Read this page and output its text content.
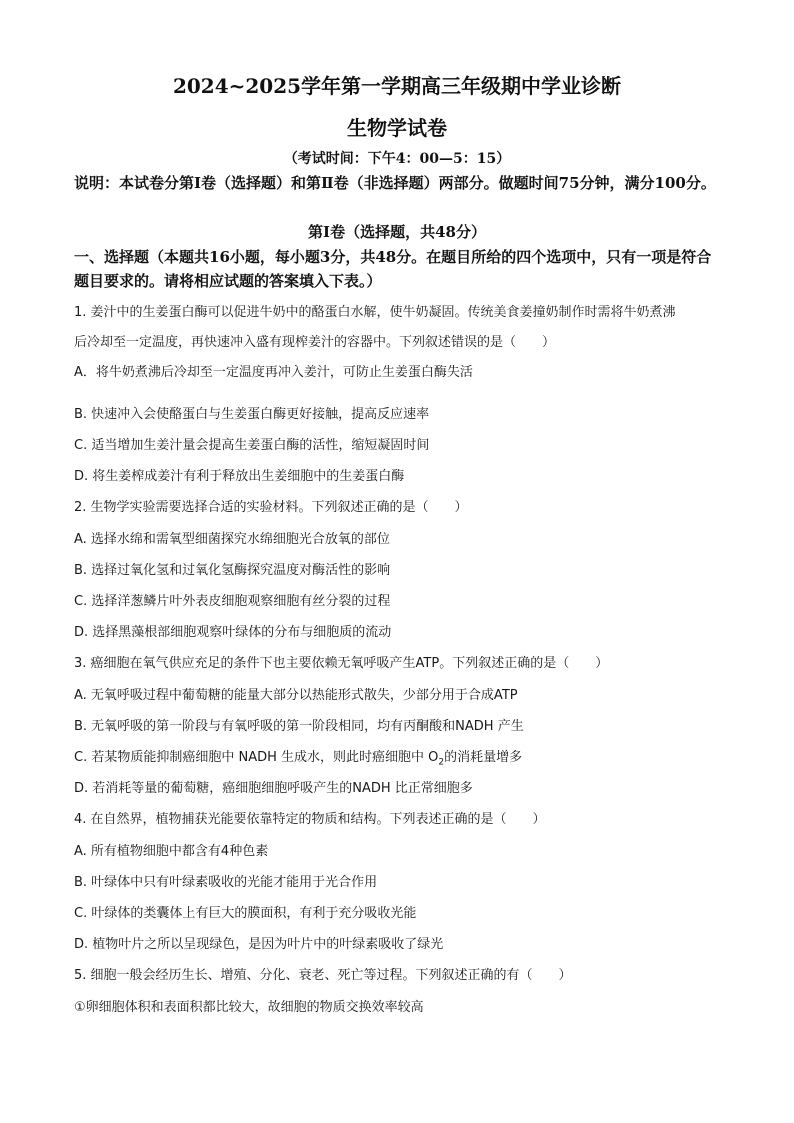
2024~2025学年第一学期高三年级期中学业诊断
生物学试卷
（考试时间：下午4：00—5：15）
说明：本试卷分第Ⅰ卷（选择题）和第Ⅱ卷（非选择题）两部分。做题时间75分钟，满分100分。
第Ⅰ卷（选择题，共48分）
一、选择题（本题共16小题，每小题3分，共48分。在题目所给的四个选项中，只有一项是符合题目要求的。请将相应试题的答案填入下表。）
1. 姜汁中的生姜蛋白酶可以促进牛奶中的酪蛋白水解，使牛奶凝固。传统美食姜撞奶制作时需将牛奶煮沸
后冷却至一定温度，再快速冲入盛有现榨姜汁的容器中。下列叙述错误的是（　　）
A．将牛奶煮沸后冷却至一定温度再冲入姜汁，可防止生姜蛋白酶失活
B. 快速冲入会使酪蛋白与生姜蛋白酶更好接触，提高反应速率
C. 适当增加生姜汁量会提高生姜蛋白酶的活性，缩短凝固时间
D. 将生姜榨成姜汁有利于释放出生姜细胞中的生姜蛋白酶
2. 生物学实验需要选择合适的实验材料。下列叙述正确的是（　　）
A. 选择水绵和需氧型细菌探究水绵细胞光合放氧的部位
B. 选择过氧化氢和过氧化氢酶探究温度对酶活性的影响
C. 选择洋葱鳞片叶外表皮细胞观察细胞有丝分裂的过程
D. 选择黑藻根部细胞观察叶绿体的分布与细胞质的流动
3. 癌细胞在氧气供应充足的条件下也主要依赖无氧呼吸产生ATP。下列叙述正确的是（　　）
A. 无氧呼吸过程中葡萄糖的能量大部分以热能形式散失，少部分用于合成ATP
B. 无氧呼吸的第一阶段与有氧呼吸的第一阶段相同，均有丙酮酸和NADH 产生
C. 若某物质能抑制癌细胞中 NADH 生成水，则此时癌细胞中 $O_2$的消耗量增多
D. 若消耗等量的葡萄糖，癌细胞细胞呼吸产生的NADH 比正常细胞多
4. 在自然界，植物捕获光能要依靠特定的物质和结构。下列表述正确的是（　　）
A. 所有植物细胞中都含有4种色素
B. 叶绿体中只有叶绿素吸收的光能才能用于光合作用
C. 叶绿体的类囊体上有巨大的膜面积，有利于充分吸收光能
D. 植物叶片之所以呈现绿色，是因为叶片中的叶绿素吸收了绿光
5. 细胞一般会经历生长、增殖、分化、衰老、死亡等过程。下列叙述正确的有（　　）
①卵细胞体积和表面积都比较大，故细胞的物质交换效率较高
